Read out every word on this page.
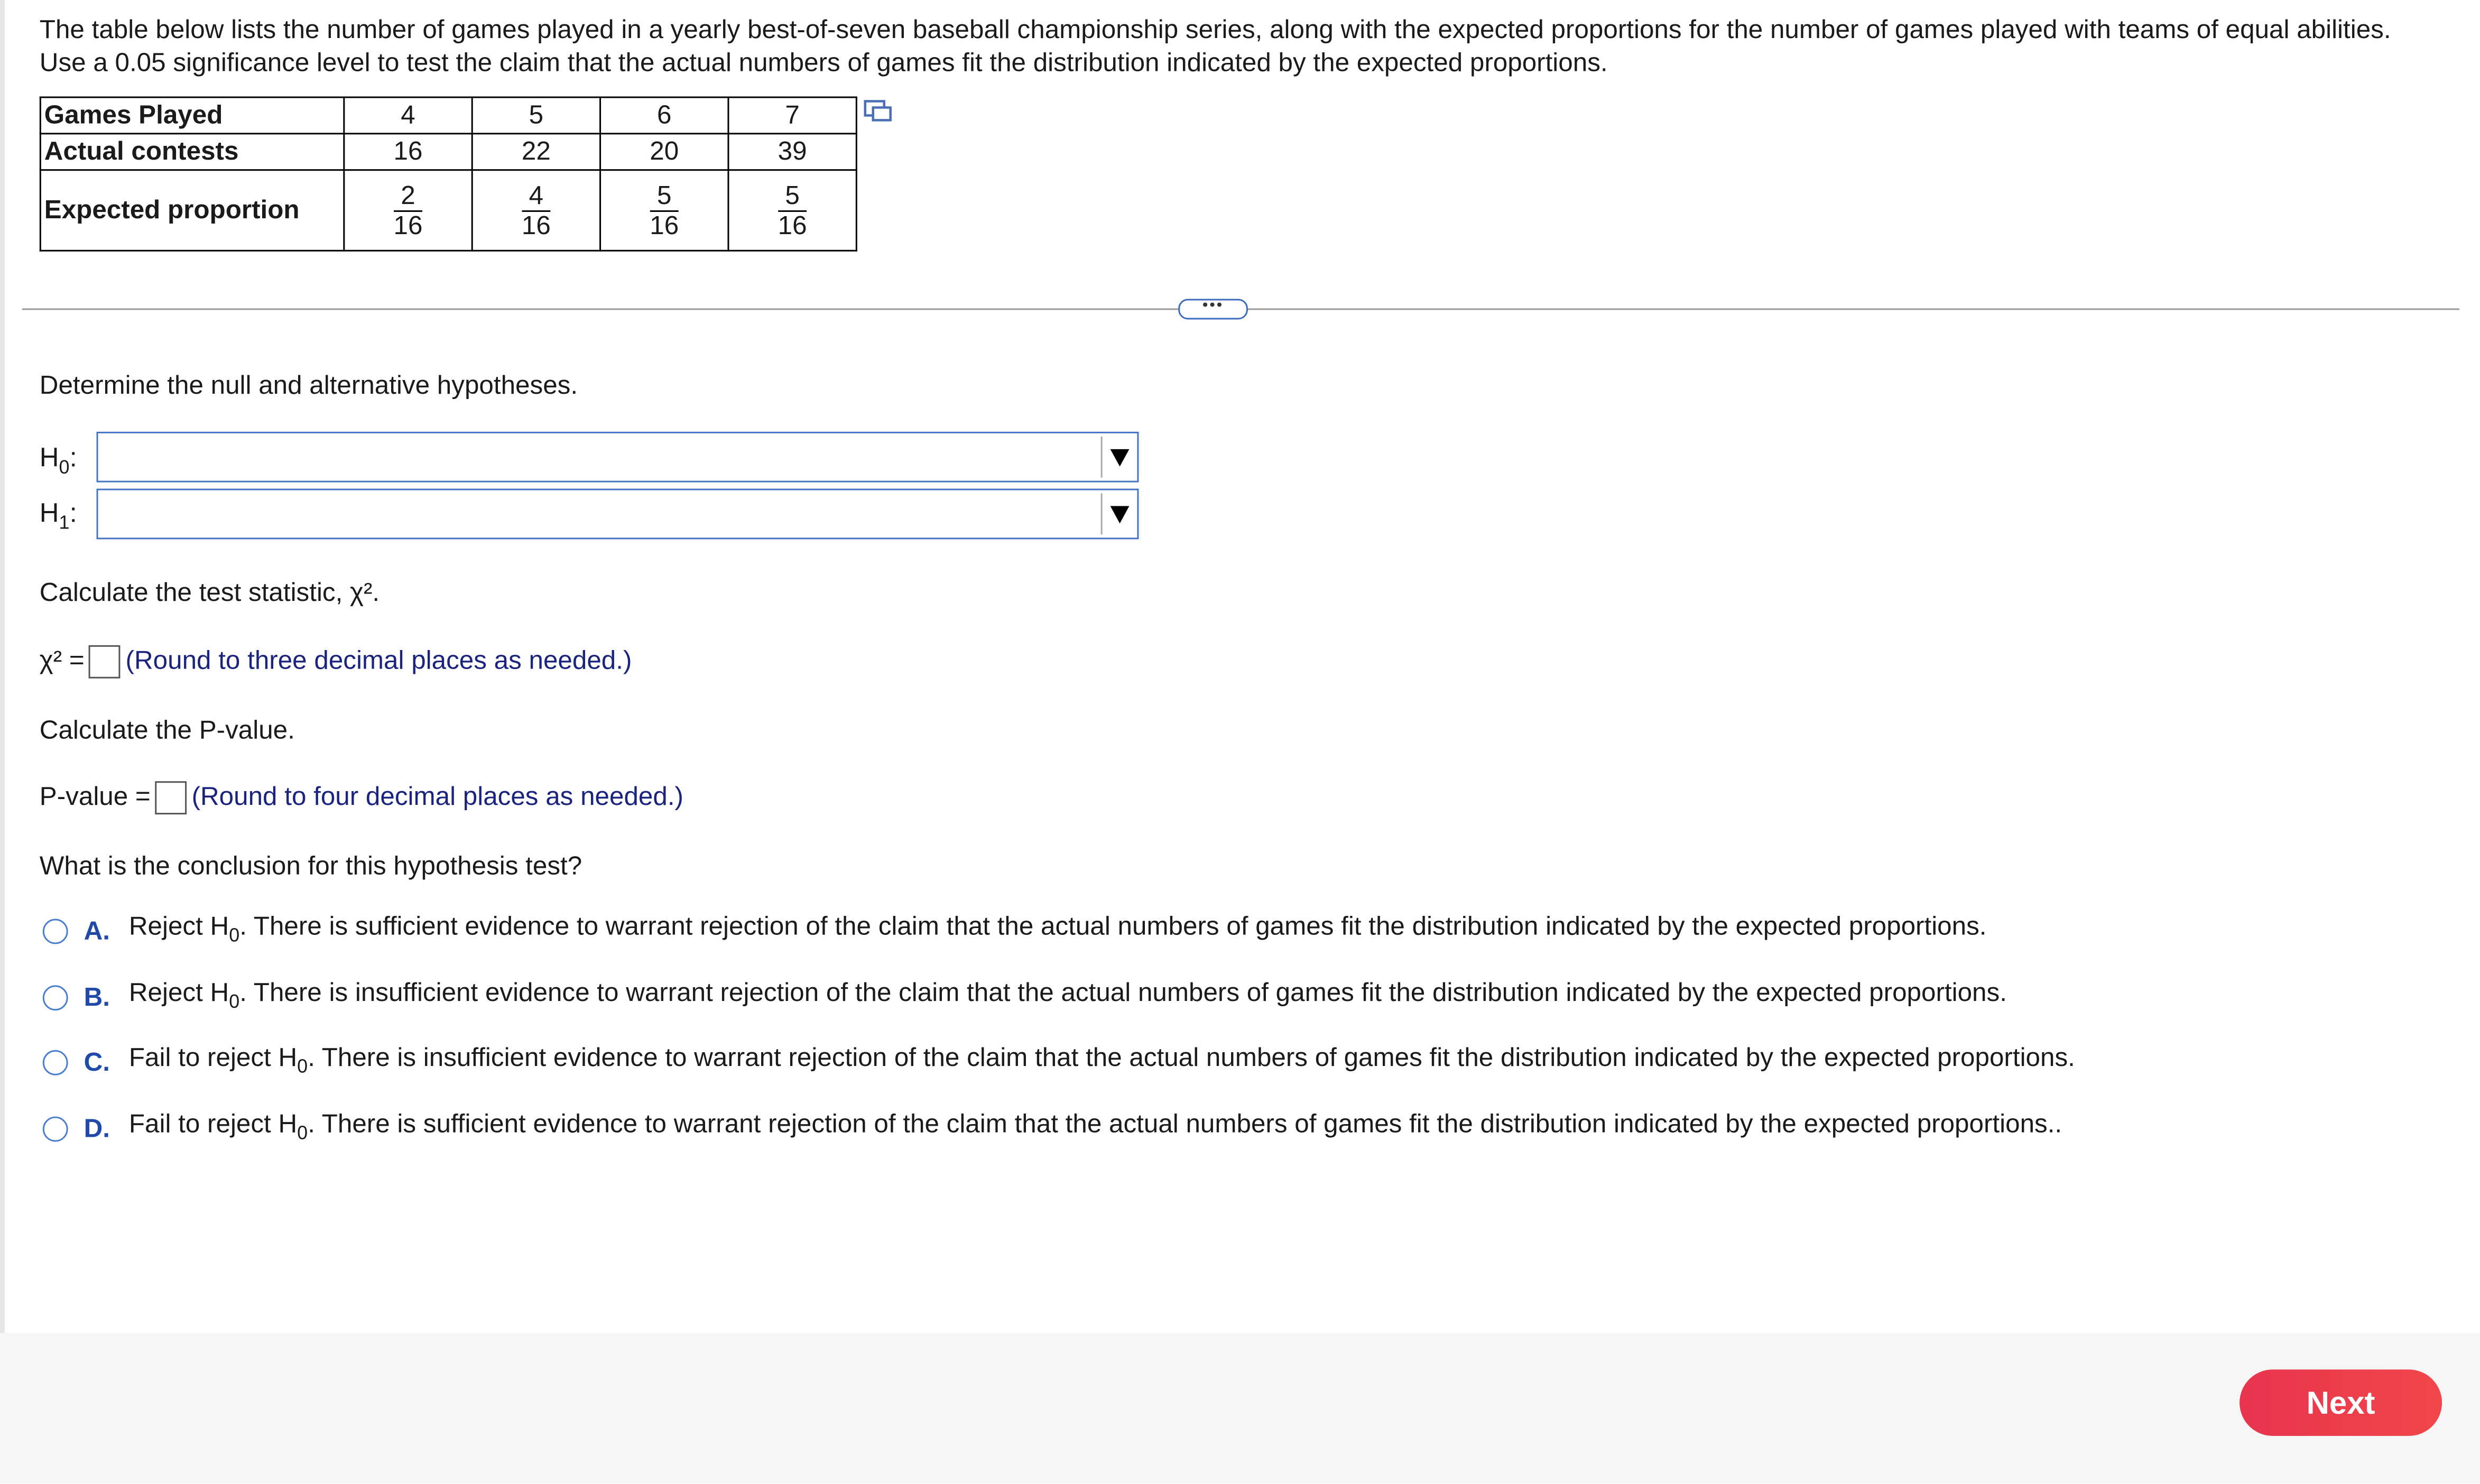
The table below lists the number of games played in a yearly best-of-seven baseball championship series, along with the expected proportions for the number of games played with teams of equal abilities. Use a 0.05 significance level to test the claim that the actual numbers of games fit the distribution indicated by the expected proportions.
Games Played	4	5	6	7
Actual contests	16	22	20	39
Expected proportion	$\frac{2}{16}$	$\frac{4}{16}$	$\frac{5}{16}$	$\frac{5}{16}$
•••
Determine the null and alternative hypotheses.
$H_0$:
$H_1$:
Calculate the test statistic, χ².
χ² =	(Round to three decimal places as needed.)
Calculate the P-value.
P-value =	(Round to four decimal places as needed.)
What is the conclusion for this hypothesis test?
A. Reject $H_0$. There is sufficient evidence to warrant rejection of the claim that the actual numbers of games fit the distribution indicated by the expected proportions.
B. Reject $H_0$. There is insufficient evidence to warrant rejection of the claim that the actual numbers of games fit the distribution indicated by the expected proportions.
C. Fail to reject $H_0$. There is insufficient evidence to warrant rejection of the claim that the actual numbers of games fit the distribution indicated by the expected proportions.
D. Fail to reject $H_0$. There is sufficient evidence to warrant rejection of the claim that the actual numbers of games fit the distribution indicated by the expected proportions..
Next
